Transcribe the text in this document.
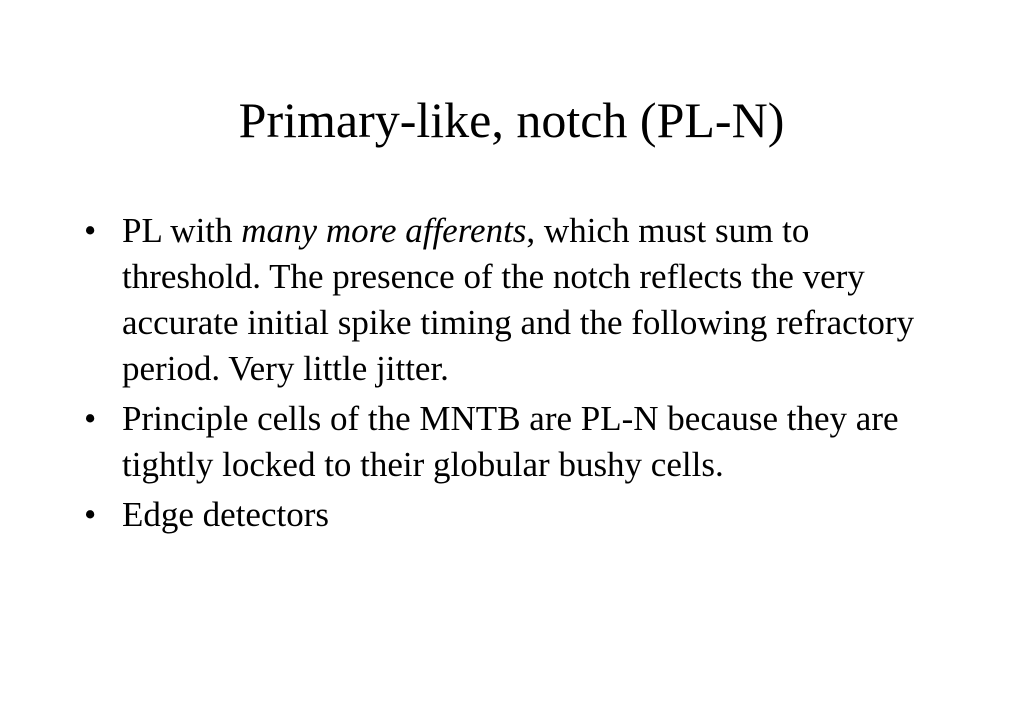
Primary-like, notch (PL-N)
• PL with many more afferents, which must sum to threshold. The presence of the notch reflects the very accurate initial spike timing and the following refractory period. Very little jitter.
• Principle cells of the MNTB are PL-N because they are tightly locked to their globular bushy cells.
• Edge detectors
